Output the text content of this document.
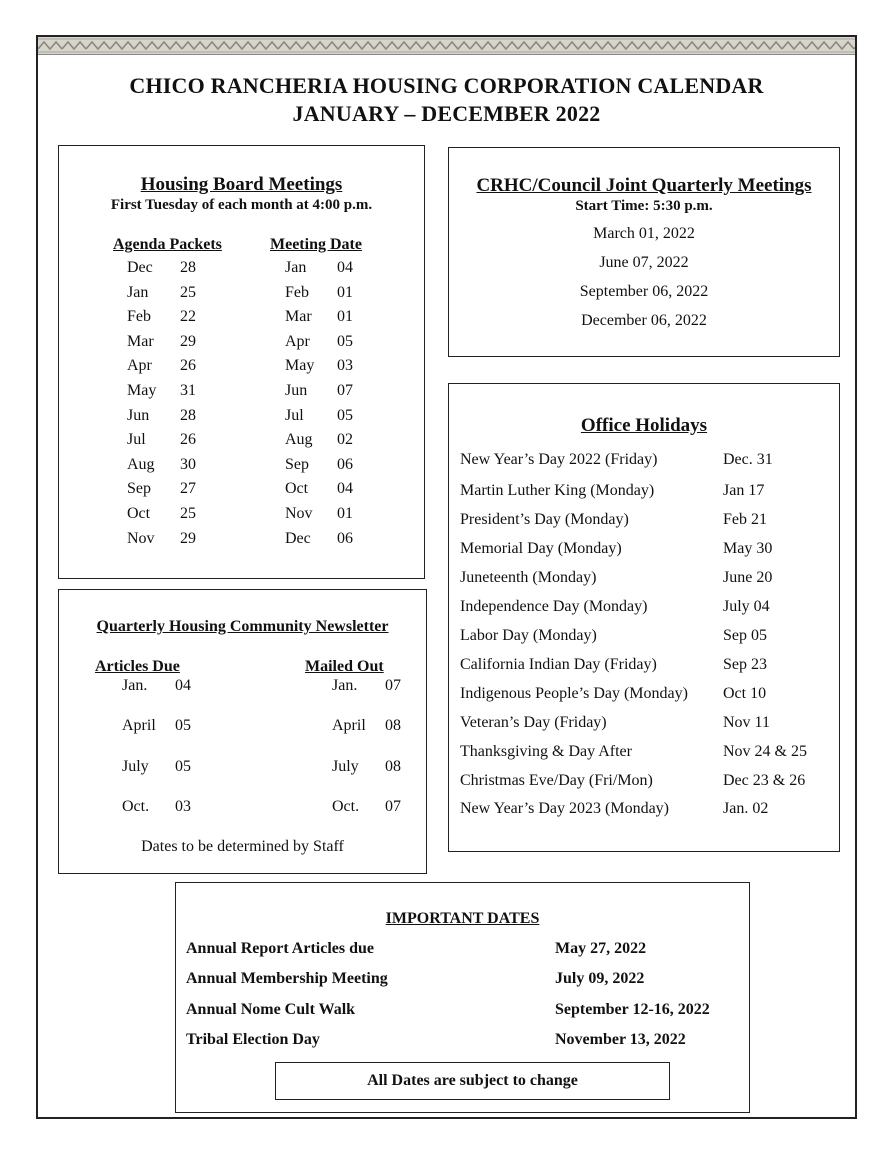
CHICO RANCHERIA HOUSING CORPORATION CALENDAR
JANUARY – DECEMBER 2022
Housing Board Meetings
First Tuesday of each month at 4:00 p.m.
Agenda Packets	Meeting Date
Dec 28	Jan 04
Jan 25	Feb 01
Feb 22	Mar 01
Mar 29	Apr 05
Apr 26	May 03
May 31	Jun 07
Jun 28	Jul 05
Jul 26	Aug 02
Aug 30	Sep 06
Sep 27	Oct 04
Oct 25	Nov 01
Nov 29	Dec 06
CRHC/Council Joint Quarterly Meetings
Start Time: 5:30 p.m.
March 01, 2022
June 07, 2022
September 06, 2022
December 06, 2022
Office Holidays
New Year’s Day 2022 (Friday)	Dec. 31
Martin Luther King (Monday)	Jan 17
President’s Day (Monday)	Feb 21
Memorial Day (Monday)	May 30
Juneteenth (Monday)	June 20
Independence Day (Monday)	July 04
Labor Day (Monday)	Sep 05
California Indian Day (Friday)	Sep 23
Indigenous People’s Day (Monday) Oct 10
Veteran’s Day (Friday)	Nov 11
Thanksgiving & Day After	Nov 24 & 25
Christmas Eve/Day (Fri/Mon)	Dec 23 & 26
New Year’s Day 2023 (Monday)	Jan. 02
Quarterly Housing Community Newsletter
Articles Due	Mailed Out
Jan. 04	Jan. 07
April 05	April 08
July 05	July 08
Oct. 03	Oct. 07
Dates to be determined by Staff
IMPORTANT DATES
Annual Report Articles due	May 27, 2022
Annual Membership Meeting	July 09, 2022
Annual Nome Cult Walk	September 12-16, 2022
Tribal Election Day	November 13, 2022
All Dates are subject to change
